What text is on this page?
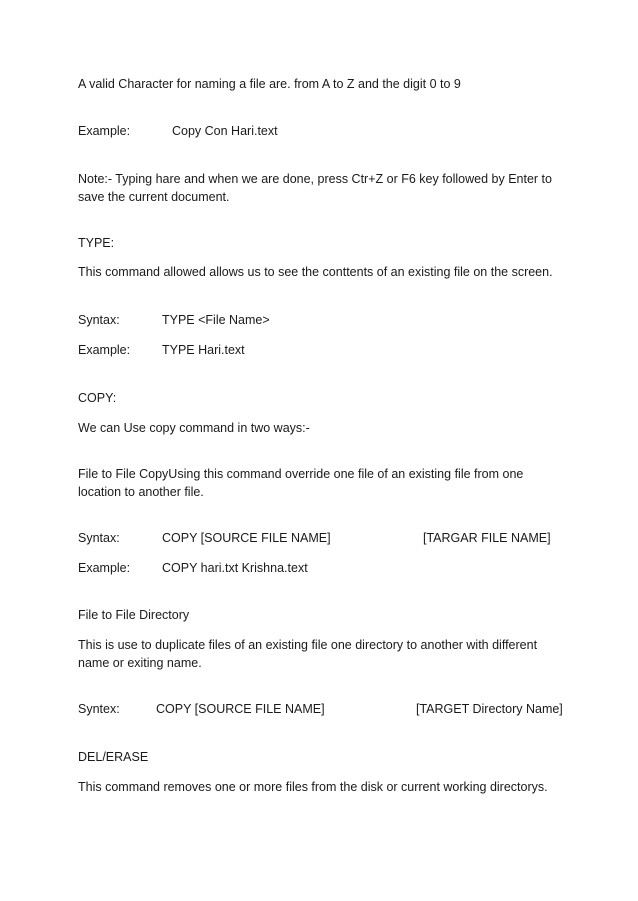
A valid Character for naming a file are. from A to Z and the digit 0 to 9
Example:	Copy Con Hari.text
Note:- Typing hare and when we are done, press Ctr+Z or F6 key followed by Enter to save the current document.
TYPE:
This command allowed allows us to see the conttents of an existing file on the screen.
Syntax:	TYPE <File Name>
Example:	TYPE Hari.text
COPY:
We can Use copy command in two ways:-
File to File CopyUsing this command override one file of an existing file from one location to another file.
Syntax:	COPY [SOURCE FILE NAME]	[TARGAR FILE NAME]
Example:	COPY hari.txt Krishna.text
File to File Directory
This is use to duplicate files of an existing file one directory to another with different name or exiting name.
Syntex:	COPY [SOURCE FILE NAME]	[TARGET Directory Name]
DEL/ERASE
This command removes one or more files from the disk or current working directorys.
